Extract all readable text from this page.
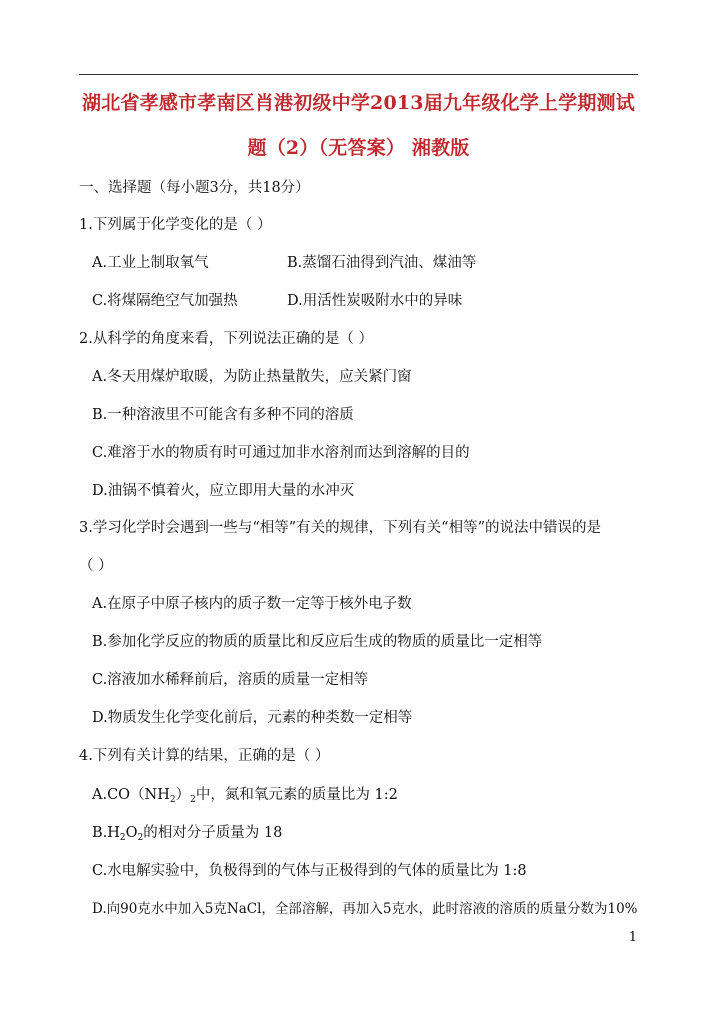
湖北省孝感市孝南区肖港初级中学2013届九年级化学上学期测试
题（2）（无答案） 湘教版
一、选择题（每小题3分，共18分）
1.下列属于化学变化的是（ ）
A.工业上制取氧气	B.蒸馏石油得到汽油、煤油等
C.将煤隔绝空气加强热	D.用活性炭吸附水中的异味
2.从科学的角度来看，下列说法正确的是（ ）
A.冬天用煤炉取暖，为防止热量散失，应关紧门窗
B.一种溶液里不可能含有多种不同的溶质
C.难溶于水的物质有时可通过加非水溶剂而达到溶解的目的
D.油锅不慎着火，应立即用大量的水冲灭
3.学习化学时会遇到一些与“相等”有关的规律，下列有关“相等”的说法中错误的是
（ ）
A.在原子中原子核内的质子数一定等于核外电子数
B.参加化学反应的物质的质量比和反应后生成的物质的质量比一定相等
C.溶液加水稀释前后，溶质的质量一定相等
D.物质发生化学变化前后，元素的种类数一定相等
4.下列有关计算的结果，正确的是（ ）
$A.CO(NH_2)_2$中，氮和氧元素的质量比为 1:2
$B.H_2O_2$的相对分子质量为 18
C.水电解实验中，负极得到的气体与正极得到的气体的质量比为 1:8
D.向90克水中加入5克NaCl，全部溶解，再加入5克水，此时溶液的溶质的质量分数为10%
1
